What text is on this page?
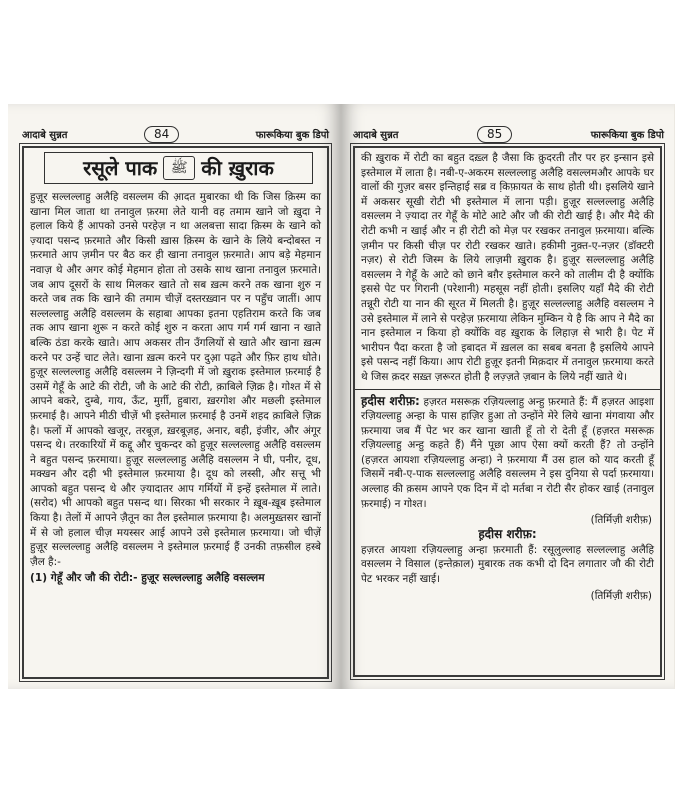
आदाबे सुन्नत	84	फारूकिया बुक डिपो
रसूले पाक ﷺ की ख़ुराक

हुज़ूर सल्लल्लाहु अलैहि वसल्लम की आ़दत मुबारका थी कि जिस क़िस्म का खाना मिल जाता था तनावुल फ़रमा लेते यानी वह तमाम खाने जो ख़ुदा ने हलाल किये हैं आपको उनसे परहेज़ न था अलबत्ता सादा क़िस्म के खाने को ज़्यादा पसन्द फ़रमाते और किसी ख़ास क़िस्म के खाने के लिये बन्दोबस्त न फ़रमाते आप ज़मीन पर बैठ कर ही खाना तनावुल फ़रमाते। आप बड़े मेहमान नवाज़ थे और अगर कोई मेहमान होता तो उसके साथ खाना तनावुल फ़रमाते। जब आप दूसरों के साथ मिलकर खाते तो सब ख़त्म करने तक खाना शुरु न करते जब तक कि खाने की तमाम चीज़ें दस्तरख़्वान पर न पहुँच जातीं। आप सल्लल्लाहु अलैहि वसल्लम के सहाबा आपका इतना एहतिराम करते कि जब तक आप खाना शुरू न करते कोई शुरु न करता आप गर्म गर्म खाना न खाते बल्कि ठंडा करके खाते। आप अकसर तीन उँगलियों से खाते और खाना ख़त्म करने पर उन्हें चाट लेते। खाना ख़त्म करने पर दुआ़ पढ़ते और फ़िर हाथ धोते। हुज़ूर सल्लल्लाहु अलैहि वसल्लम ने ज़िन्दगी में जो ख़ुराक इस्तेमाल फ़रमाई है उसमें गेहूँ के आटे की रोटी, जौ के आटे की रोटी, क़ाबिले ज़िक्र है। गोश्त में से आपने बकरे, दुम्बे, गाय, ऊँट, मुर्ग़ी, हुबारा, ख़रगोश और मछली इस्तेमाल फ़रमाई है। आपने मीठी चीज़ें भी इस्तेमाल फ़रमाई है उनमें शहद क़ाबिले ज़िक्र है। फलों में आपको खजूर, तरबूज़, ख़रबूज़ह, अनार, बही, इंजीर, और अंगूर पसन्द थे। तरकारियों में कद्दू और चुकन्दर को हुज़ूर सल्लल्लाहु अलैहि वसल्लम ने बहुत पसन्द फ़रमाया। हुज़ूर सल्लल्लाहु अलैहि वसल्लम ने घी, पनीर, दूध, मक्खन और दही भी इस्तेमाल फ़रमाया है। दूध को लस्सी, और सत्तू भी आपको बहुत पसन्द थे और ज़्यादातर आप गर्मियों में इन्हें इस्तेमाल में लाते। (सरोद) भी आपको बहुत पसन्द था। सिरका भी सरकार ने ख़ूब-ख़ूब इस्तेमाल किया है। तेलों में आपने ज़ैतून का तैल इस्तेमाल फ़रमाया है। अलमुख़्तसर खानों में से जो हलाल चीज़ मयस्सर आई आपने उसे इस्तेमाल फ़रमाया। जो चीज़ें हुज़ूर सल्लल्लाहु अलैहि वसल्लम ने इस्तेमाल फ़रमाई हैं उनकी तफ़सील हस्बे ज़ैल है:-

(1) गेहूँ और जौ की रोटी:- हुज़ूर सल्लल्लाहु अलैहि वसल्लम
आदाबे सुन्नत	85	फारूकिया बुक डिपो

की ख़ुराक में रोटी का बहुत दख़्ल है जैसा कि क़ुदरती तौर पर हर इन्सान इसे इस्तेमाल में लाता है। नबी-ए-अकरम सल्लल्लाहु अलैहि वसल्लमऔर आपके घर वालों की गुज़र बसर इन्तिहाई सब्र व कि़फ़ायत के साथ होती थी। इसलिये खाने में अकसर सूखी रोटी भी इस्तेमाल में लाना पड़ी। हुज़ूर सल्लल्लाहु अलैहि वसल्लम ने ज़्यादा तर गेहूँ के मोटे आटे और जौ की रोटी खाई है। और मैदे की रोटी कभी न खाई और न ही रोटी को मेज़ पर रखकर तनावुल फ़रमाया। बल्कि ज़मीन पर किसी चीज़ पर रोटी रखकर खाते। हकीमी नुक़्त-ए-नज़र (डॉक्टरी नज़र) से रोटी जिस्म के लिये लाज़मी ख़ुराक है। हुज़ूर सल्लल्लाहु अलैहि वसल्लम ने गेहूँ के आटे को छाने बग़ैर इस्तेमाल करने को तालीम दी है क्योंकि इससे पेट पर गिरानी (परेशानी) महसूस नहीं होती। इसलिए यहाँ मैदे की रोटी तन्नूरी रोटी या नान की सूरत में मिलती है। हुज़ूर सल्लल्लाहु अलैहि वसल्लम ने उसे इस्तेमाल में लाने से परहेज़ फ़रमाया लेकिन मुम्किन ये है कि आप ने मैदे का नान इस्तेमाल न किया हो क्योंकि वह ख़ुराक के लिहाज़ से भारी है। पेट में भारीपन पैदा करता है जो इबादत में ख़लल का सबब बनता है इसलिये आपने इसे पसन्द नहीं किया। आप रोटी हुज़ूर इतनी मिक़दार में तनावुल फ़रमाया करते थे जिस क़दर सख़्त ज़रूरत होती है लज़्ज़ते ज़बान के लिये नहीं खाते थे।

ह़दीस शरीफ़: हज़रत मसरूक़ रज़ियल्लाहु अन्हु फ़रमाते हैं: मैं हज़रत आइशा रज़ियल्लाहु अन्हा के पास हाज़िर हुआ तो उन्होंने मेरे लिये खाना मंगवाया और फ़रमाया जब मैं पेट भर कर खाना खाती हूँ तो रो देती हूँ (हज़रत मसरूक़ रज़ियल्लाहु अन्हु कहते हैं) मैंने पूछा आप ऐसा क्यों करती हैं? तो उन्होंने (हज़रत आयशा रज़ियल्लाहु अन्हा) ने फ़रमाया मैं उस हाल को याद करती हूँ जिसमें नबी-ए-पाक सल्लल्लाहु अलैहि वसल्लम ने इस दुनिया से पर्दा फ़रमाया।अल्लाह की क़सम आपने एक दिन में दो मर्तबा न रोटी सैर होकर खाई (तनावुल फ़रमाई) न गोश्त।
(तिर्मिज़ी शरीफ़)
ह़दीस शरीफ़:
हज़रत आयशा रज़ियल्लाहु अन्हा फ़रमाती हैं: रसूलुल्लाह सल्लल्लाहु अलैहि वसल्लम ने विसाल (इन्तेक़ाल) मुबारक तक कभी दो दिन लगातार जौ की रोटी पेट भरकर नहीं खाई।
(तिर्मिज़ी शरीफ़)
